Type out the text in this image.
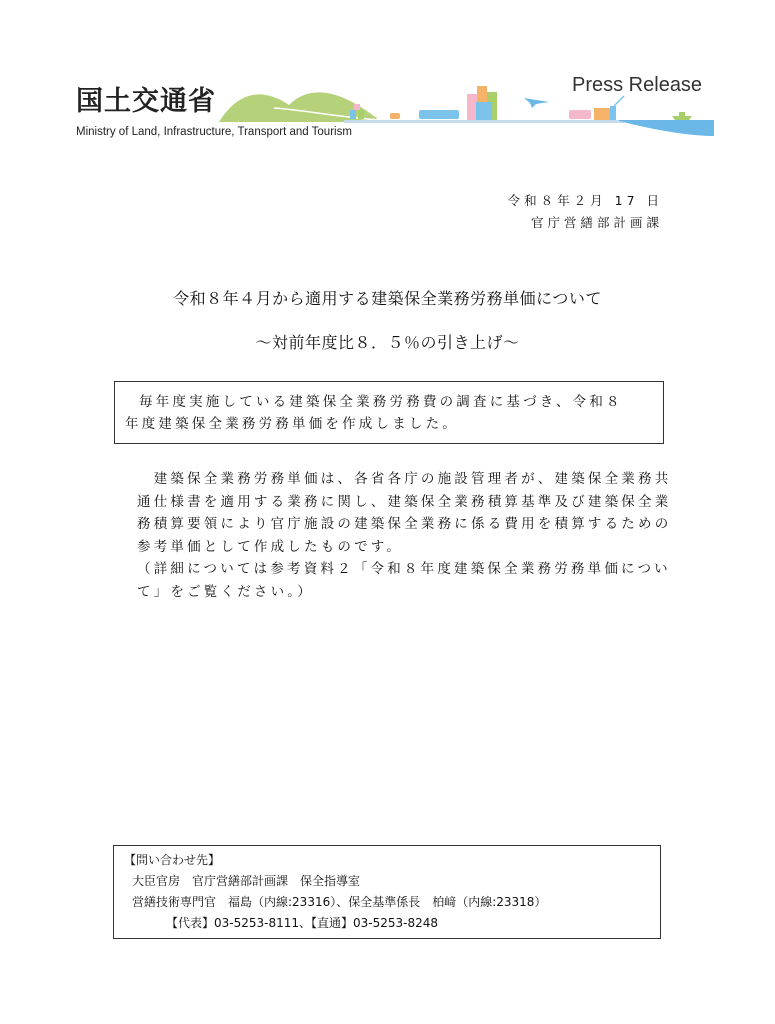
国土交通省
Ministry of Land, Infrastructure, Transport and Tourism
Press Release
令和８年２月 17 日
官庁営繕部計画課
令和８年４月から適用する建築保全業務労務単価について
～対前年度比８．５％の引き上げ～
毎年度実施している建築保全業務労務費の調査に基づき、令和８
年度建築保全業務労務単価を作成しました。

　建築保全業務労務単価は、各省各庁の施設管理者が、建築保全業務共通仕様書を適用する業務に関し、建築保全業務積算基準及び建築保全業務積算要領により官庁施設の建築保全業務に係る費用を積算するための参考単価として作成したものです。

（詳細については参考資料２「令和８年度建築保全業務労務単価について」をご覧ください。）

【問い合わせ先】
大臣官房　官庁営繕部計画課　保全指導室
営繕技術専門官　福島（内線:23316）、保全基準係長　柏﨑（内線:23318）
【代表】03-5253-8111、【直通】03-5253-8248
